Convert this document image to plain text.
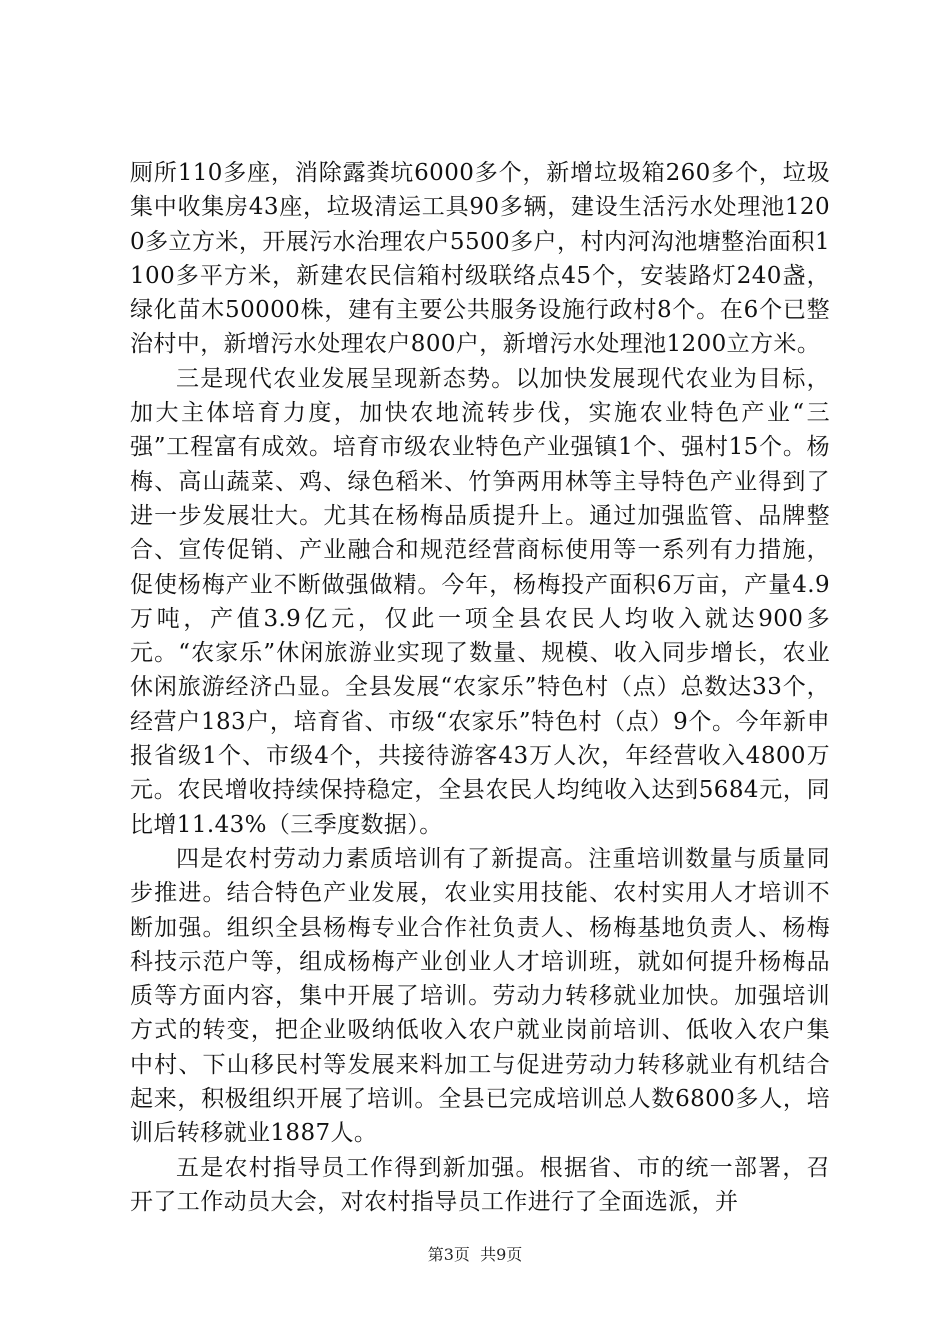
厕所110多座，消除露粪坑6000多个，新增垃圾箱260多个，垃圾集中收集房43座，垃圾清运工具90多辆，建设生活污水处理池1200多立方米，开展污水治理农户5500多户，村内河沟池塘整治面积1100多平方米，新建农民信箱村级联络点45个，安装路灯240盏，绿化苗木50000株，建有主要公共服务设施行政村8个。在6个已整治村中，新增污水处理农户800户，新增污水处理池1200立方米。

三是现代农业发展呈现新态势。以加快发展现代农业为目标，加大主体培育力度，加快农地流转步伐，实施农业特色产业“三强”工程富有成效。培育市级农业特色产业强镇1个、强村15个。杨梅、高山蔬菜、鸡、绿色稻米、竹笋两用林等主导特色产业得到了进一步发展壮大。尤其在杨梅品质提升上。通过加强监管、品牌整合、宣传促销、产业融合和规范经营商标使用等一系列有力措施，促使杨梅产业不断做强做精。今年，杨梅投产面积6万亩，产量4.9万吨，产值3.9亿元，仅此一项全县农民人均收入就达900多元。“农家乐”休闲旅游业实现了数量、规模、收入同步增长，农业休闲旅游经济凸显。全县发展“农家乐”特色村（点）总数达33个，经营户183户，培育省、市级“农家乐”特色村（点）9个。今年新申报省级1个、市级4个，共接待游客43万人次，年经营收入4800万元。农民增收持续保持稳定，全县农民人均纯收入达到5684元，同比增11.43%（三季度数据）。

四是农村劳动力素质培训有了新提高。注重培训数量与质量同步推进。结合特色产业发展，农业实用技能、农村实用人才培训不断加强。组织全县杨梅专业合作社负责人、杨梅基地负责人、杨梅科技示范户等，组成杨梅产业创业人才培训班，就如何提升杨梅品质等方面内容，集中开展了培训。劳动力转移就业加快。加强培训方式的转变，把企业吸纳低收入农户就业岗前培训、低收入农户集中村、下山移民村等发展来料加工与促进劳动力转移就业有机结合起来，积极组织开展了培训。全县已完成培训总人数6800多人，培训后转移就业1887人。

五是农村指导员工作得到新加强。根据省、市的统一部署，召开了工作动员大会，对农村指导员工作进行了全面选派，并

第3页  共9页
